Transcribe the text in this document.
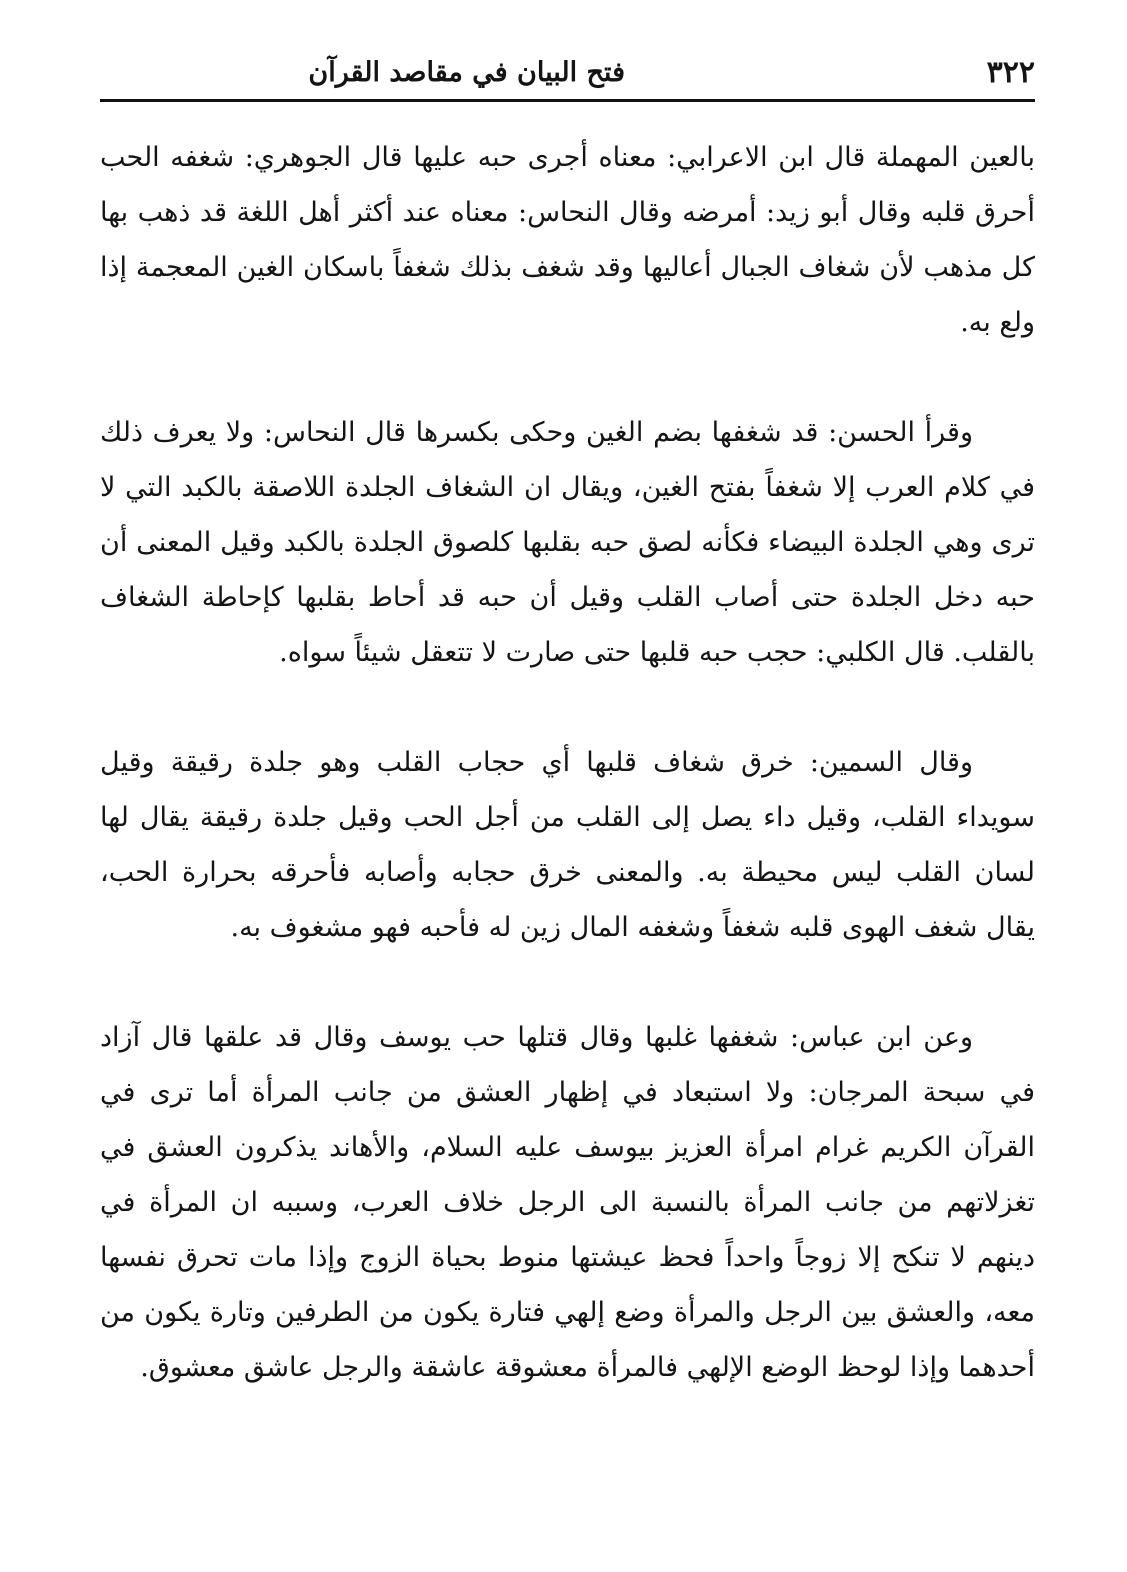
٣٢٢
فتح البيان في مقاصد القرآن

بالعين المهملة قال ابن الاعرابي: معناه أجرى حبه عليها قال الجوهري: شغفه الحب أحرق قلبه وقال أبو زيد: أمرضه وقال النحاس: معناه عند أكثر أهل اللغة قد ذهب بها كل مذهب لأن شغاف الجبال أعاليها وقد شغف بذلك شغفاً باسكان الغين المعجمة إذا ولع به.

وقرأ الحسن: قد شغفها بضم الغين وحكى بكسرها قال النحاس: ولا يعرف ذلك في كلام العرب إلا شغفاً بفتح الغين، ويقال ان الشغاف الجلدة اللاصقة بالكبد التي لا ترى وهي الجلدة البيضاء فكأنه لصق حبه بقلبها كلصوق الجلدة بالكبد وقيل المعنى أن حبه دخل الجلدة حتى أصاب القلب وقيل أن حبه قد أحاط بقلبها كإحاطة الشغاف بالقلب. قال الكلبي: حجب حبه قلبها حتى صارت لا تتعقل شيئاً سواه.

وقال السمين: خرق شغاف قلبها أي حجاب القلب وهو جلدة رقيقة وقيل سويداء القلب، وقيل داء يصل إلى القلب من أجل الحب وقيل جلدة رقيقة يقال لها لسان القلب ليس محيطة به. والمعنى خرق حجابه وأصابه فأحرقه بحرارة الحب، يقال شغف الهوى قلبه شغفاً وشغفه المال زين له فأحبه فهو مشغوف به.

وعن ابن عباس: شغفها غلبها وقال قتلها حب يوسف وقال قد علقها قال آزاد في سبحة المرجان: ولا استبعاد في إظهار العشق من جانب المرأة أما ترى في القرآن الكريم غرام امرأة العزيز بيوسف عليه السلام، والأهاند يذكرون العشق في تغزلاتهم من جانب المرأة بالنسبة الى الرجل خلاف العرب، وسببه ان المرأة في دينهم لا تنكح إلا زوجاً واحداً فحظ عيشتها منوط بحياة الزوج وإذا مات تحرق نفسها معه، والعشق بين الرجل والمرأة وضع إلهي فتارة يكون من الطرفين وتارة يكون من أحدهما وإذا لوحظ الوضع الإلهي فالمرأة معشوقة عاشقة والرجل عاشق معشوق.
